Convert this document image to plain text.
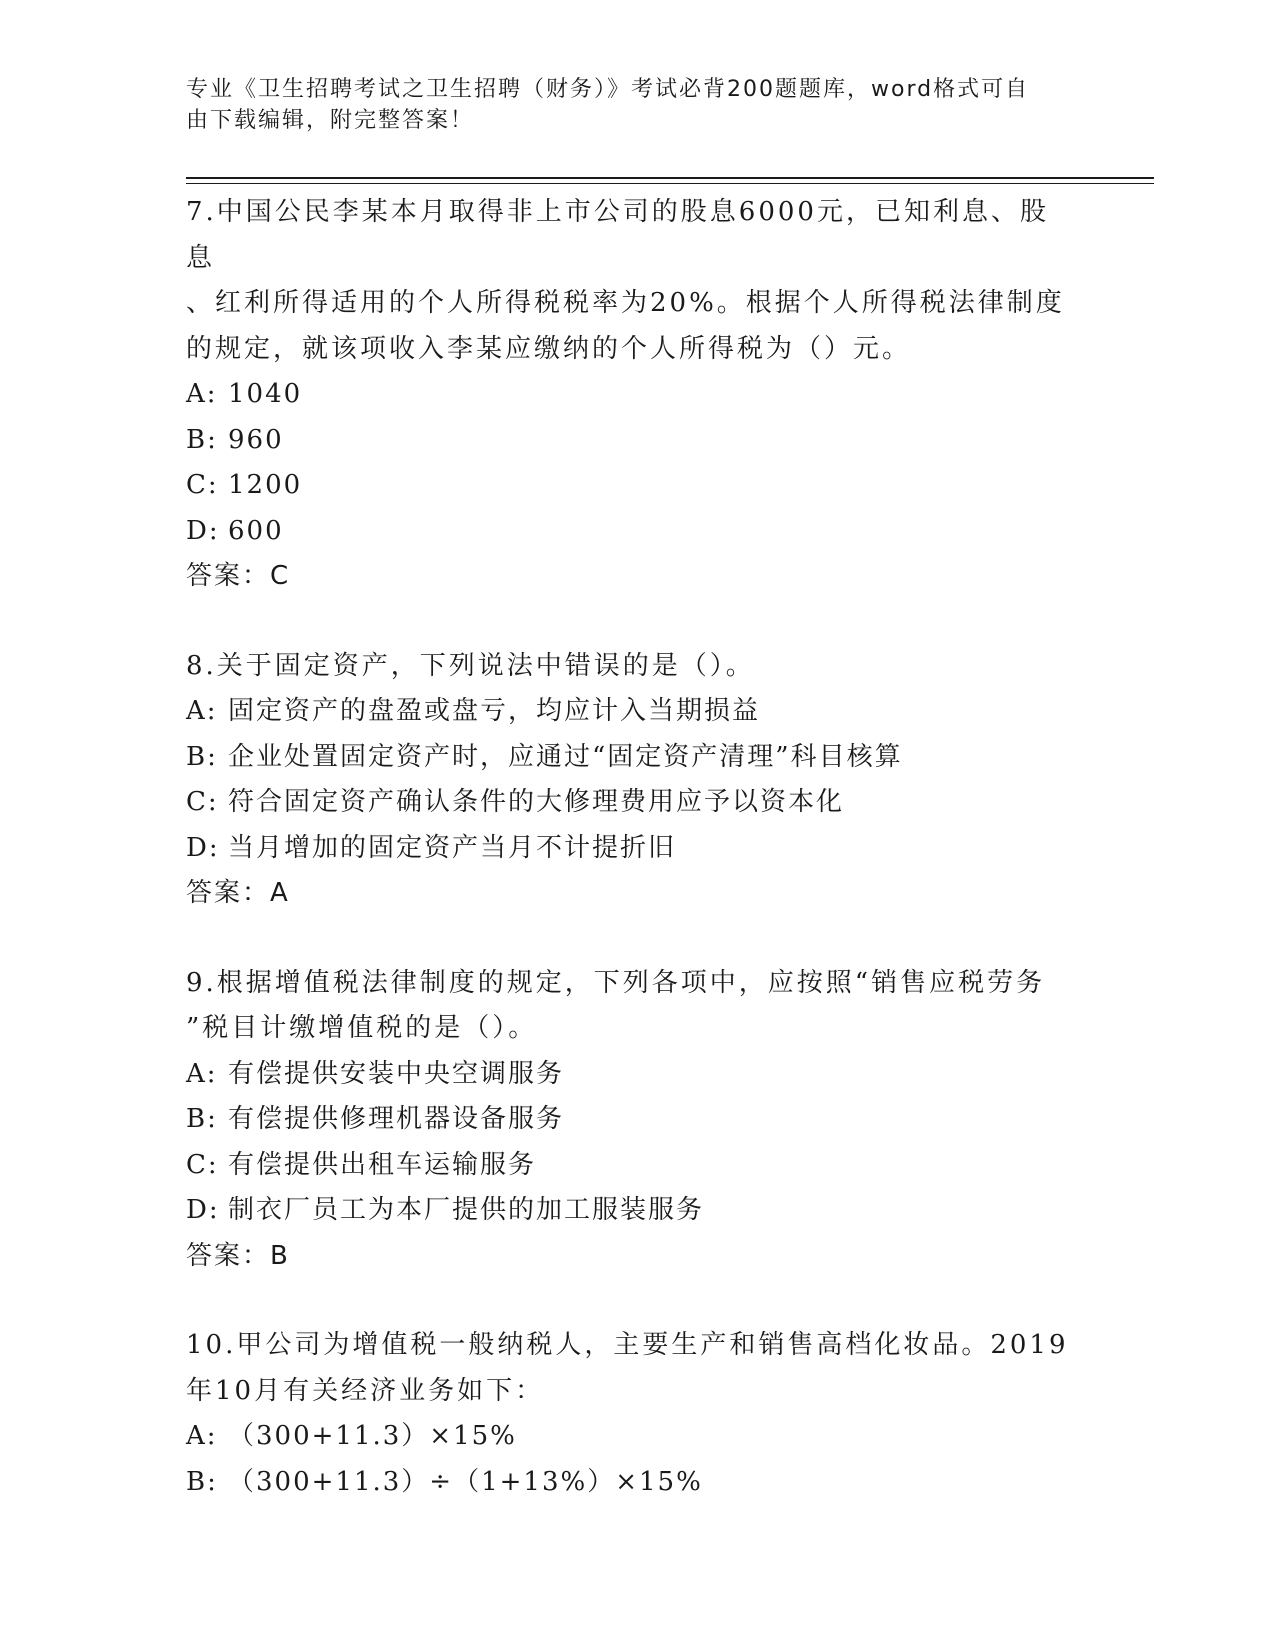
专业《卫生招聘考试之卫生招聘（财务）》考试必背200题题库，word格式可自
由下载编辑，附完整答案！
7.中国公民李某本月取得非上市公司的股息6000元，已知利息、股息
、红利所得适用的个人所得税税率为20%。根据个人所得税法律制度
的规定，就该项收入李某应缴纳的个人所得税为（）元。
A: 1040
B: 960
C: 1200
D: 600
答案：C
8.关于固定资产，下列说法中错误的是（）。
A: 固定资产的盘盈或盘亏，均应计入当期损益
B: 企业处置固定资产时，应通过“固定资产清理”科目核算
C: 符合固定资产确认条件的大修理费用应予以资本化
D: 当月增加的固定资产当月不计提折旧
答案：A
9.根据增值税法律制度的规定，下列各项中，应按照“销售应税劳务
”税目计缴增值税的是（）。
A: 有偿提供安装中央空调服务
B: 有偿提供修理机器设备服务
C: 有偿提供出租车运输服务
D: 制衣厂员工为本厂提供的加工服装服务
答案：B
10.甲公司为增值税一般纳税人，主要生产和销售高档化妆品。2019
年10月有关经济业务如下：
A: （300+11.3）×15%
B: （300+11.3）÷（1+13%）×15%
